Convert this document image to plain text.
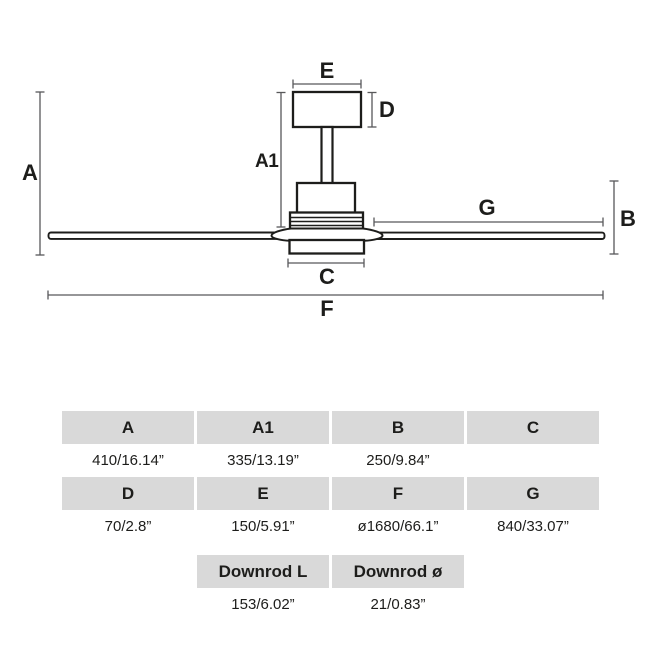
A	A1
E
D
G	B
C
F
A	A1	B	C
410/16.14”	335/13.19”	250/9.84”
D	E	F	G
70/2.8”	150/5.91”	ø1680/66.1”	840/33.07”
Downrod L	Downrod ø
153/6.02”	21/0.83”
